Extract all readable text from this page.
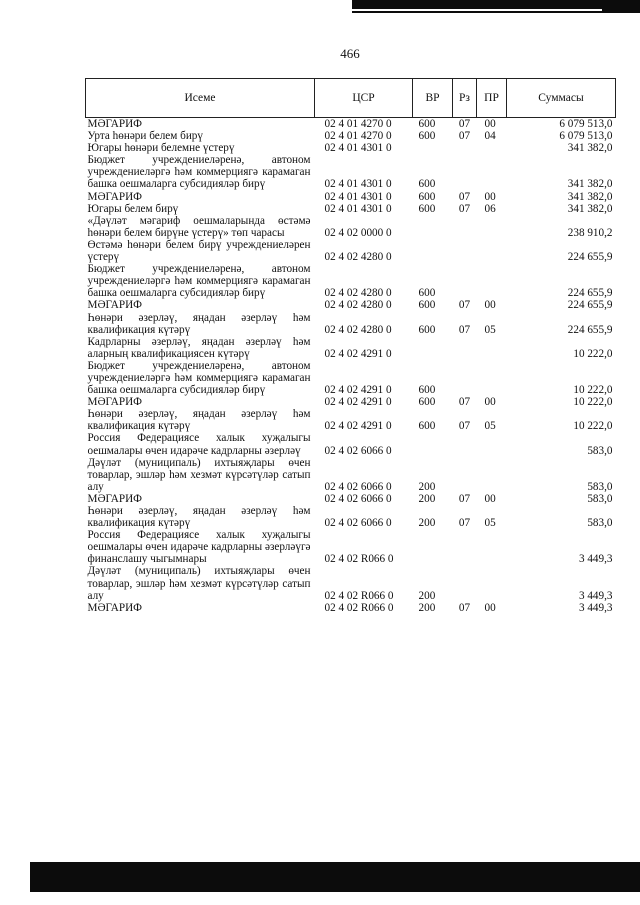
466
Исеме	ЦСР	ВР	Рз	ПР	Суммасы
МӘГАРИФ	02 4 01 4270 0	600	07	00	6 079 513,0
Урта һөнәри белем бирү	02 4 01 4270 0	600	07	04	6 079 513,0
Югары һөнәри белемне үстерү	02 4 01 4301 0				341 382,0
Бюджет учреждениеләренә, автоном учреждениеләргә һәм коммерциягә карамаган башка оешмаларга субсидияләр бирү	02 4 01 4301 0	600			341 382,0
МӘГАРИФ	02 4 01 4301 0	600	07	00	341 382,0
Югары белем бирү	02 4 01 4301 0	600	07	06	341 382,0
«Дәүләт мәгариф оешмаларында өстәмә һөнәри белем бирүне үстерү» төп чарасы	02 4 02 0000 0				238 910,2
Өстәмә һөнәри белем бирү учреждениеләрен үстерү	02 4 02 4280 0				224 655,9
Бюджет учреждениеләренә, автоном учреждениеләргә һәм коммерциягә карамаган башка оешмаларга субсидияләр бирү	02 4 02 4280 0	600			224 655,9
МӘГАРИФ	02 4 02 4280 0	600	07	00	224 655,9
Һөнәри әзерләү, яңадан әзерләү һәм квалификация күтәрү	02 4 02 4280 0	600	07	05	224 655,9
Кадрларны әзерләү, яңадан әзерләү һәм аларның квалификациясен күтәрү	02 4 02 4291 0				10 222,0
Бюджет учреждениеләренә, автоном учреждениеләргә һәм коммерциягә карамаган башка оешмаларга субсидияләр бирү	02 4 02 4291 0	600			10 222,0
МӘГАРИФ	02 4 02 4291 0	600	07	00	10 222,0
Һөнәри әзерләү, яңадан әзерләү һәм квалификация күтәрү	02 4 02 4291 0	600	07	05	10 222,0
Россия Федерациясе халык хуҗалыгы оешмалары өчен идарәче кадрларны әзерләү	02 4 02 6066 0				583,0
Дәүләт (муниципаль) ихтыяҗлары өчен товарлар, эшләр һәм хезмәт күрсәтүләр сатып алу	02 4 02 6066 0	200			583,0
МӘГАРИФ	02 4 02 6066 0	200	07	00	583,0
Һөнәри әзерләү, яңадан әзерләү һәм квалификация күтәрү	02 4 02 6066 0	200	07	05	583,0
Россия Федерациясе халык хуҗалыгы оешмалары өчен идарәче кадрларны әзерләүгә финанслашу чыгымнары	02 4 02 R066 0				3 449,3
Дәүләт (муниципаль) ихтыяҗлары өчен товарлар, эшләр һәм хезмәт күрсәтүләр сатып алу	02 4 02 R066 0	200			3 449,3
МӘГАРИФ	02 4 02 R066 0	200	07	00	3 449,3
